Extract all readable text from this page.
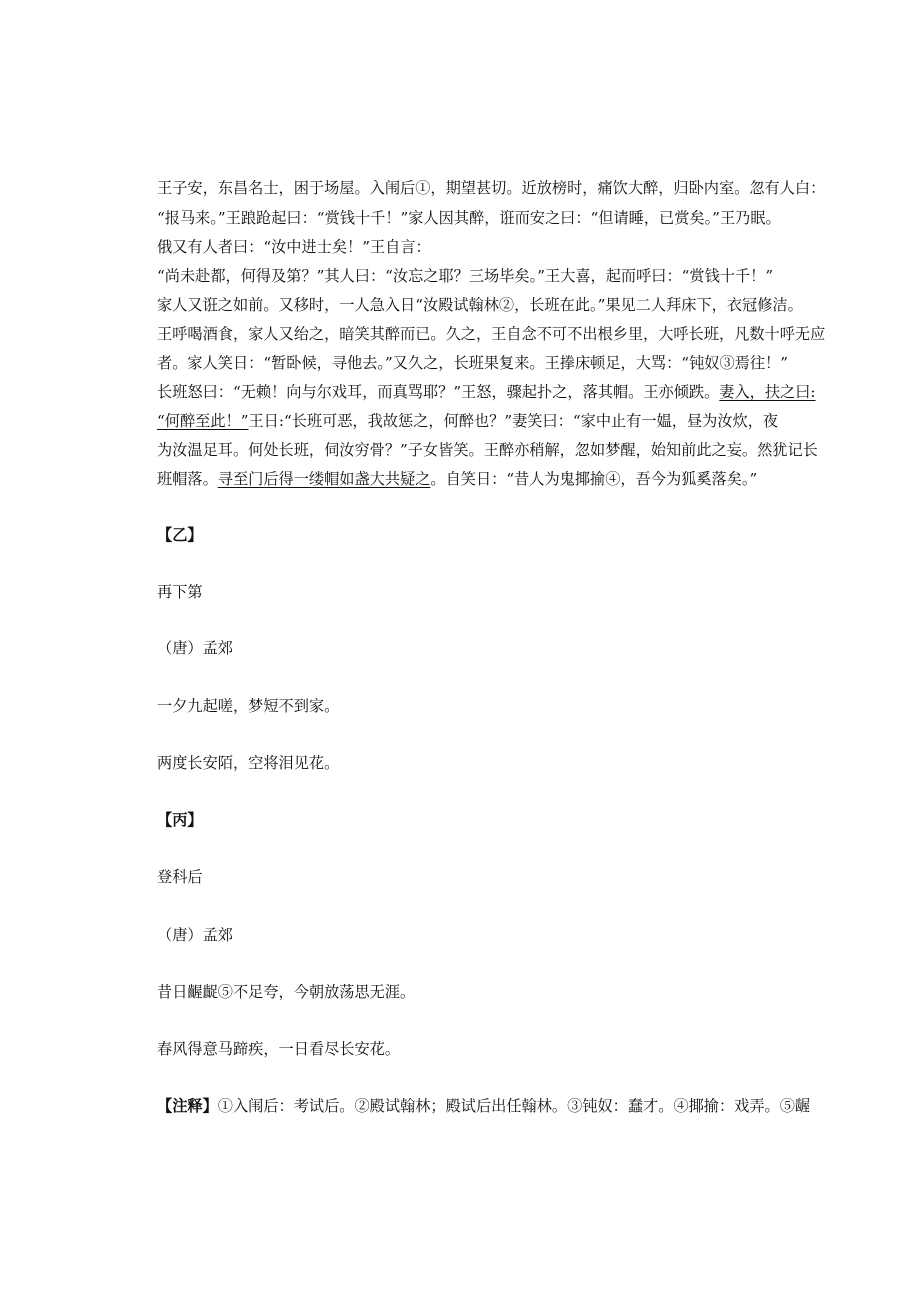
王子安，东昌名士，困于场屋。入闱后①，期望甚切。近放榜时，痛饮大醉，归卧内室。忽有人白：
“报马来。”王踉跄起曰：“赏钱十千！”家人因其醉，诳而安之曰：“但请睡，已赏矣。”王乃眠。
俄又有人者曰：“汝中进士矣！”王自言：
“尚未赴都，何得及第？”其人曰：“汝忘之耶？三场毕矣。”王大喜，起而呼曰：“赏钱十千！”
家人又诳之如前。又移时，一人急入日“汝殿试翰林②，长班在此。”果见二人拜床下，衣冠修洁。
王呼喝酒食，家人又绐之，暗笑其醉而已。久之，王自念不可不出根乡里，大呼长班，凡数十呼无应
者。家人笑日：“暂卧候，寻他去。”又久之，长班果复来。王搼床顿足，大骂：“钝奴③焉往！”
长班怒曰：“无赖！向与尔戏耳，而真骂耶？”王怒，骤起扑之，落其帽。王亦倾跌。妻入，扶之曰:
“何醉至此！”王日:“长班可恶，我故惩之，何醉也？”妻笑曰：“家中止有一媪，昼为汝炊，夜
为汝温足耳。何处长班，伺汝穷骨？”子女皆笑。王醉亦稍解，忽如梦醒，始知前此之妄。然犹记长
班帽落。寻至门后得一缕帽如盏大共疑之。自笑日：“昔人为鬼揶揄④，吾今为狐奚落矣。”
【乙】
再下第
（唐）孟郊
一夕九起嗟，梦短不到家。
两度长安陌，空将泪见花。
【丙】
登科后
（唐）孟郊
昔日齷齪⑤不足夸，今朝放荡思无涯。
春风得意马蹄疾，一日看尽长安花。
【注释】①入闱后：考试后。②殿试翰林；殿试后出任翰林。③钝奴：蠢才。④揶揄：戏弄。⑤龌
